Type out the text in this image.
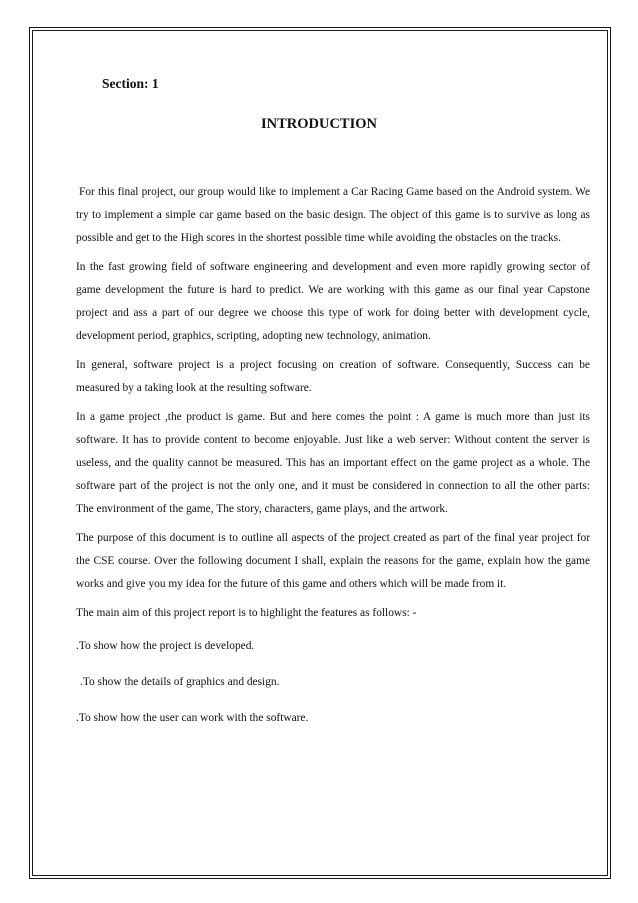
Section: 1
INTRODUCTION

For this final project, our group would like to implement a Car Racing Game based on the Android system. We try to implement a simple car game based on the basic design. The object of this game is to survive as long as possible and get to the High scores in the shortest possible time while avoiding the obstacles on the tracks.

In the fast growing field of software engineering and development and even more rapidly growing sector of game development the future is hard to predict. We are working with this game as our final year Capstone project and ass a part of our degree we choose this type of work for doing better with development cycle, development period, graphics, scripting, adopting new technology, animation.

In general, software project is a project focusing on creation of software. Consequently, Success can be measured by a taking look at the resulting software.

In a game project ,the product is game. But and here comes the point : A game is much more than just its software. It has to provide content to become enjoyable. Just like a web server: Without content the server is useless, and the quality cannot be measured. This has an important effect on the game project as a whole. The software part of the project is not the only one, and it must be considered in connection to all the other parts: The environment of the game, The story, characters, game plays, and the artwork.

The purpose of this document is to outline all aspects of the project created as part of the final year project for the CSE course. Over the following document I shall, explain the reasons for the game, explain how the game works and give you my idea for the future of this game and others which will be made from it.

The main aim of this project report is to highlight the features as follows: -

.To show how the project is developed.

.To show the details of graphics and design.

.To show how the user can work with the software.
